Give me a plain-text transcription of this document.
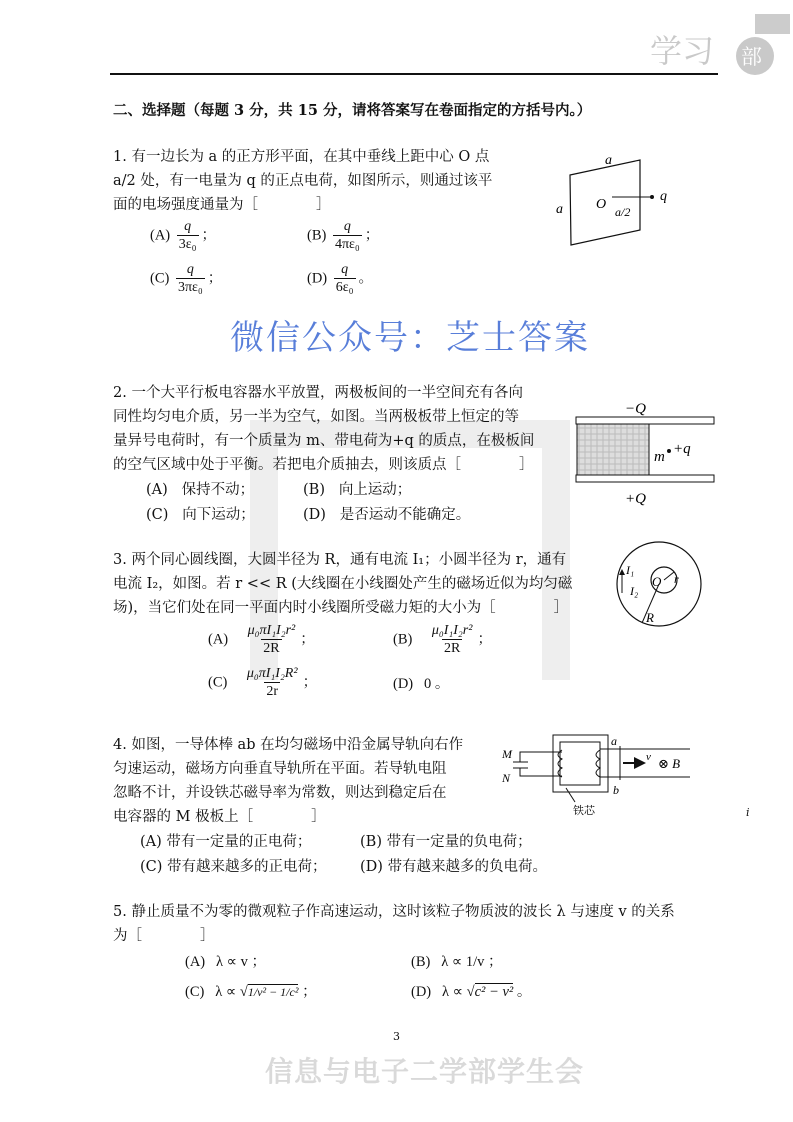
学习 部
二、选择题（每题 3 分，共 15 分，请将答案写在卷面指定的方括号内。）
1. 有一边长为 a 的正方形平面，在其中垂线上距中心 O 点
a/2 处，有一电量为 q 的正点电荷，如图所示，则通过该平
面的电场强度通量为［　　　　］
$(A) \frac{q}{\text{3ε₀}}$ ；	$(B) \frac{q}{\text{4πε₀}}$ ；
$(C) \frac{q}{\text{3πε₀}}$ ；	$(D) \frac{q}{\text{6ε₀}}$ 。
a
a O a/2
q
微信公众号：芝士答案
2. 一个大平行板电容器水平放置，两极板间的一半空间充有各向
同性均匀电介质，另一半为空气，如图。当两极板带上恒定的等
量异号电荷时，有一个质量为 m、带电荷为+q 的质点，在极板间
的空气区域中处于平衡。若把电介质抽去，则该质点［　　　　］
(A) 保持不动；	(B) 向上运动；
(C) 向下运动；	(D) 是否运动不能确定。
−Q
+Q
m +q
3. 两个同心圆线圈，大圆半径为 R，通有电流 I₁；小圆半径为 r，通有
电流 I₂，如图。若 r << R (大线圈在小线圈处产生的磁场近似为均匀磁
场)，当它们处在同一平面内时小线圈所受磁力矩的大小为［　　　　］
$(A) \frac{\text{μ₀πI₁I₂r²}}{2R}$ ；	$(B) \frac{\text{μ₀I₁I₂r²}}{2R}$ ；
$(C) \frac{\text{μ₀πI₁I₂R²}}{2r}$ ；	(D) 0 。
I₁
I₂
O r
R
4. 如图，一导体棒 ab 在均匀磁场中沿金属导轨向右作
匀速运动，磁场方向垂直导轨所在平面。若导轨电阻
忽略不计，并设铁芯磁导率为常数，则达到稳定后在
电容器的 M 极板上［　　　　］
(A) 带有一定量的正电荷；	(B) 带有一定量的负电荷；
(C) 带有越来越多的正电荷； (D) 带有越来越多的负电荷。
M
N
a
b
v ⊗ B⃗
铁芯	i
5. 静止质量不为零的微观粒子作高速运动，这时该粒子物质波的波长 λ 与速度 v 的关系
为［　　　　］
(A) λ ∝ v ；	(B) λ ∝ 1/v ；
(C) λ ∝ √1/v² − 1/c² ；	(D) λ ∝ √c² − v² 。
3
信息与电子二学部学生会
